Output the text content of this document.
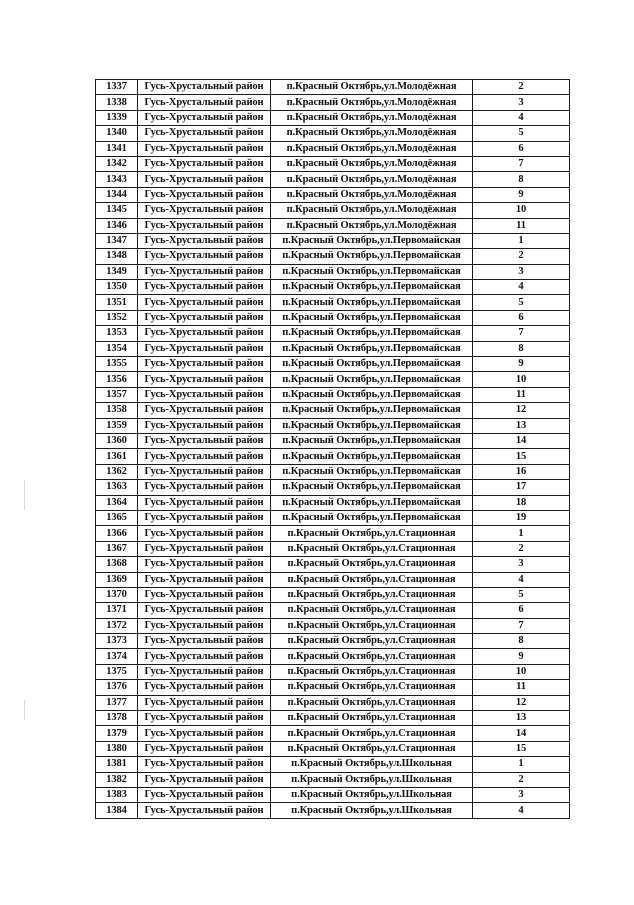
1337	Гусь-Хрустальный район	п.Красный Октябрь,ул.Молодёжная	2
1338	Гусь-Хрустальный район	п.Красный Октябрь,ул.Молодёжная	3
1339	Гусь-Хрустальный район	п.Красный Октябрь,ул.Молодёжная	4
1340	Гусь-Хрустальный район	п.Красный Октябрь,ул.Молодёжная	5
1341	Гусь-Хрустальный район	п.Красный Октябрь,ул.Молодёжная	6
1342	Гусь-Хрустальный район	п.Красный Октябрь,ул.Молодёжная	7
1343	Гусь-Хрустальный район	п.Красный Октябрь,ул.Молодёжная	8
1344	Гусь-Хрустальный район	п.Красный Октябрь,ул.Молодёжная	9
1345	Гусь-Хрустальный район	п.Красный Октябрь,ул.Молодёжная	10
1346	Гусь-Хрустальный район	п.Красный Октябрь,ул.Молодёжная	11
1347	Гусь-Хрустальный район	п.Красный Октябрь,ул.Первомайская	1
1348	Гусь-Хрустальный район	п.Красный Октябрь,ул.Первомайская	2
1349	Гусь-Хрустальный район	п.Красный Октябрь,ул.Первомайская	3
1350	Гусь-Хрустальный район	п.Красный Октябрь,ул.Первомайская	4
1351	Гусь-Хрустальный район	п.Красный Октябрь,ул.Первомайская	5
1352	Гусь-Хрустальный район	п.Красный Октябрь,ул.Первомайская	6
1353	Гусь-Хрустальный район	п.Красный Октябрь,ул.Первомайская	7
1354	Гусь-Хрустальный район	п.Красный Октябрь,ул.Первомайская	8
1355	Гусь-Хрустальный район	п.Красный Октябрь,ул.Первомайская	9
1356	Гусь-Хрустальный район	п.Красный Октябрь,ул.Первомайская	10
1357	Гусь-Хрустальный район	п.Красный Октябрь,ул.Первомайская	11
1358	Гусь-Хрустальный район	п.Красный Октябрь,ул.Первомайская	12
1359	Гусь-Хрустальный район	п.Красный Октябрь,ул.Первомайская	13
1360	Гусь-Хрустальный район	п.Красный Октябрь,ул.Первомайская	14
1361	Гусь-Хрустальный район	п.Красный Октябрь,ул.Первомайская	15
1362	Гусь-Хрустальный район	п.Красный Октябрь,ул.Первомайская	16
1363	Гусь-Хрустальный район	п.Красный Октябрь,ул.Первомайская	17
1364	Гусь-Хрустальный район	п.Красный Октябрь,ул.Первомайская	18
1365	Гусь-Хрустальный район	п.Красный Октябрь,ул.Первомайская	19
1366	Гусь-Хрустальный район	п.Красный Октябрь,ул.Стационная	1
1367	Гусь-Хрустальный район	п.Красный Октябрь,ул.Стационная	2
1368	Гусь-Хрустальный район	п.Красный Октябрь,ул.Стационная	3
1369	Гусь-Хрустальный район	п.Красный Октябрь,ул.Стационная	4
1370	Гусь-Хрустальный район	п.Красный Октябрь,ул.Стационная	5
1371	Гусь-Хрустальный район	п.Красный Октябрь,ул.Стационная	6
1372	Гусь-Хрустальный район	п.Красный Октябрь,ул.Стационная	7
1373	Гусь-Хрустальный район	п.Красный Октябрь,ул.Стационная	8
1374	Гусь-Хрустальный район	п.Красный Октябрь,ул.Стационная	9
1375	Гусь-Хрустальный район	п.Красный Октябрь,ул.Стационная	10
1376	Гусь-Хрустальный район	п.Красный Октябрь,ул.Стационная	11
1377	Гусь-Хрустальный район	п.Красный Октябрь,ул.Стационная	12
1378	Гусь-Хрустальный район	п.Красный Октябрь,ул.Стационная	13
1379	Гусь-Хрустальный район	п.Красный Октябрь,ул.Стационная	14
1380	Гусь-Хрустальный район	п.Красный Октябрь,ул.Стационная	15
1381	Гусь-Хрустальный район	п.Красный Октябрь,ул.Школьная	1
1382	Гусь-Хрустальный район	п.Красный Октябрь,ул.Школьная	2
1383	Гусь-Хрустальный район	п.Красный Октябрь,ул.Школьная	3
1384	Гусь-Хрустальный район	п.Красный Октябрь,ул.Школьная	4
